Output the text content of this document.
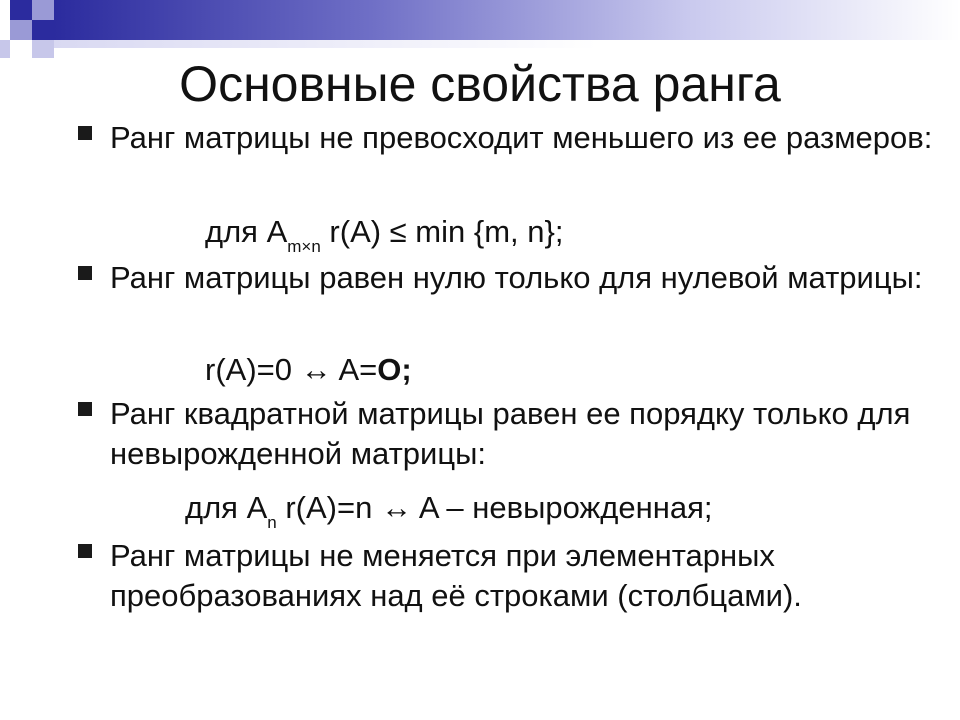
Основные свойства ранга
Ранг матрицы не превосходит меньшего из ее размеров:
для $A_{m\times n}$ r(A) ≤ min {m, n};
Ранг матрицы равен нулю только для нулевой матрицы:
r(A)=0 ↔ A=O;
Ранг квадратной матрицы равен ее порядку только для невырожденной матрицы:
для $A_n$ r(A)=n ↔ A – невырожденная;
Ранг матрицы не меняется при элементарных преобразованиях над её строками (столбцами).
